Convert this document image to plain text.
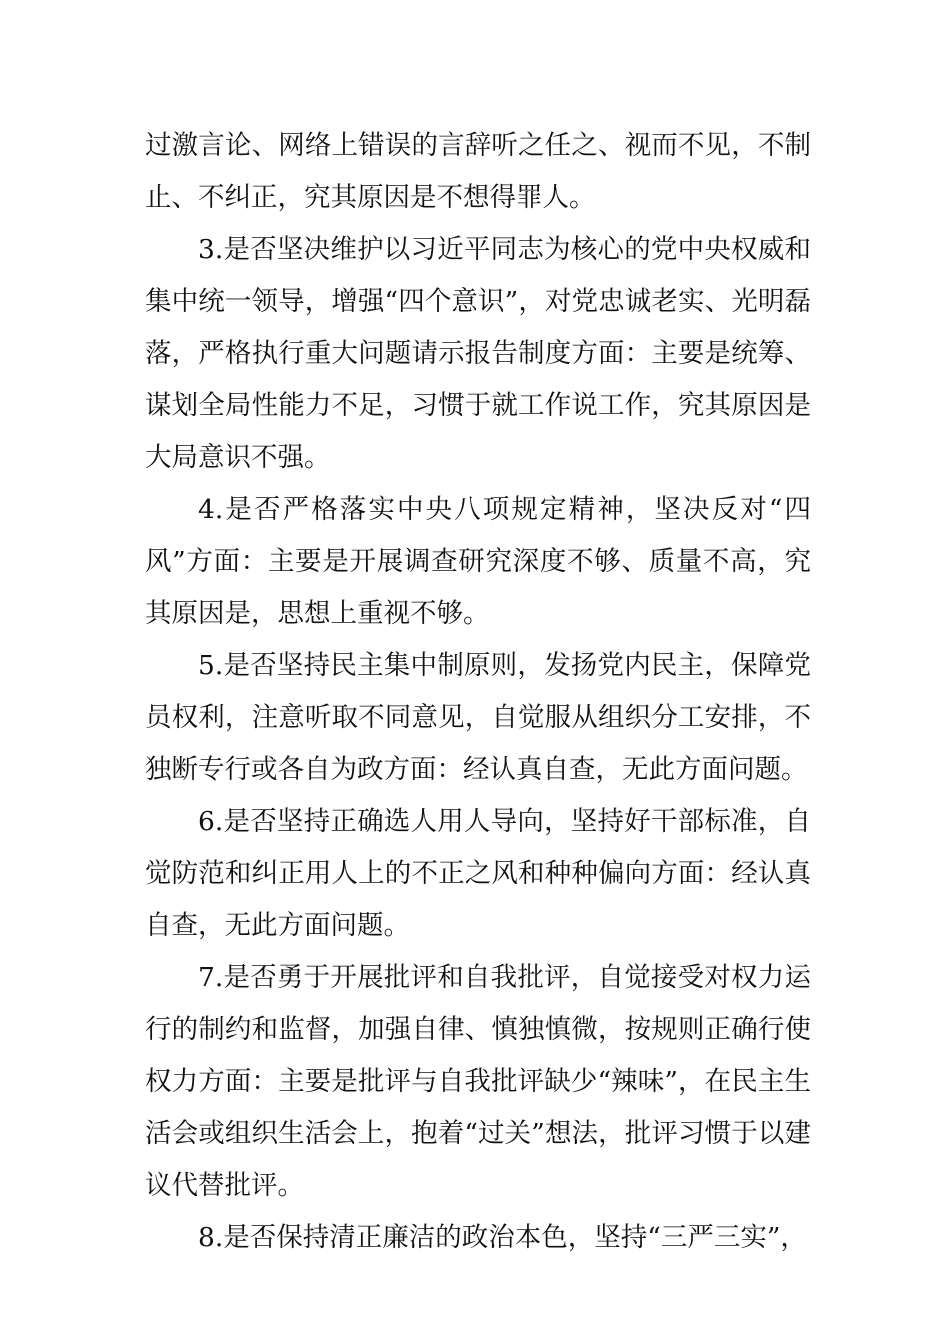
过激言论、网络上错误的言辞听之任之、视而不见，不制止、不纠正，究其原因是不想得罪人。

3.是否坚决维护以习近平同志为核心的党中央权威和集中统一领导，增强“四个意识”，对党忠诚老实、光明磊落，严格执行重大问题请示报告制度方面：主要是统筹、谋划全局性能力不足，习惯于就工作说工作，究其原因是大局意识不强。

4.是否严格落实中央八项规定精神，坚决反对“四风”方面：主要是开展调查研究深度不够、质量不高，究其原因是，思想上重视不够。

5.是否坚持民主集中制原则，发扬党内民主，保障党员权利，注意听取不同意见，自觉服从组织分工安排，不独断专行或各自为政方面：经认真自查，无此方面问题。

6.是否坚持正确选人用人导向，坚持好干部标准，自觉防范和纠正用人上的不正之风和种种偏向方面：经认真自查，无此方面问题。

7.是否勇于开展批评和自我批评，自觉接受对权力运行的制约和监督，加强自律、慎独慎微，按规则正确行使权力方面：主要是批评与自我批评缺少“辣味”，在民主生活会或组织生活会上，抱着“过关”想法，批评习惯于以建议代替批评。

8.是否保持清正廉洁的政治本色，坚持“三严三实”，
